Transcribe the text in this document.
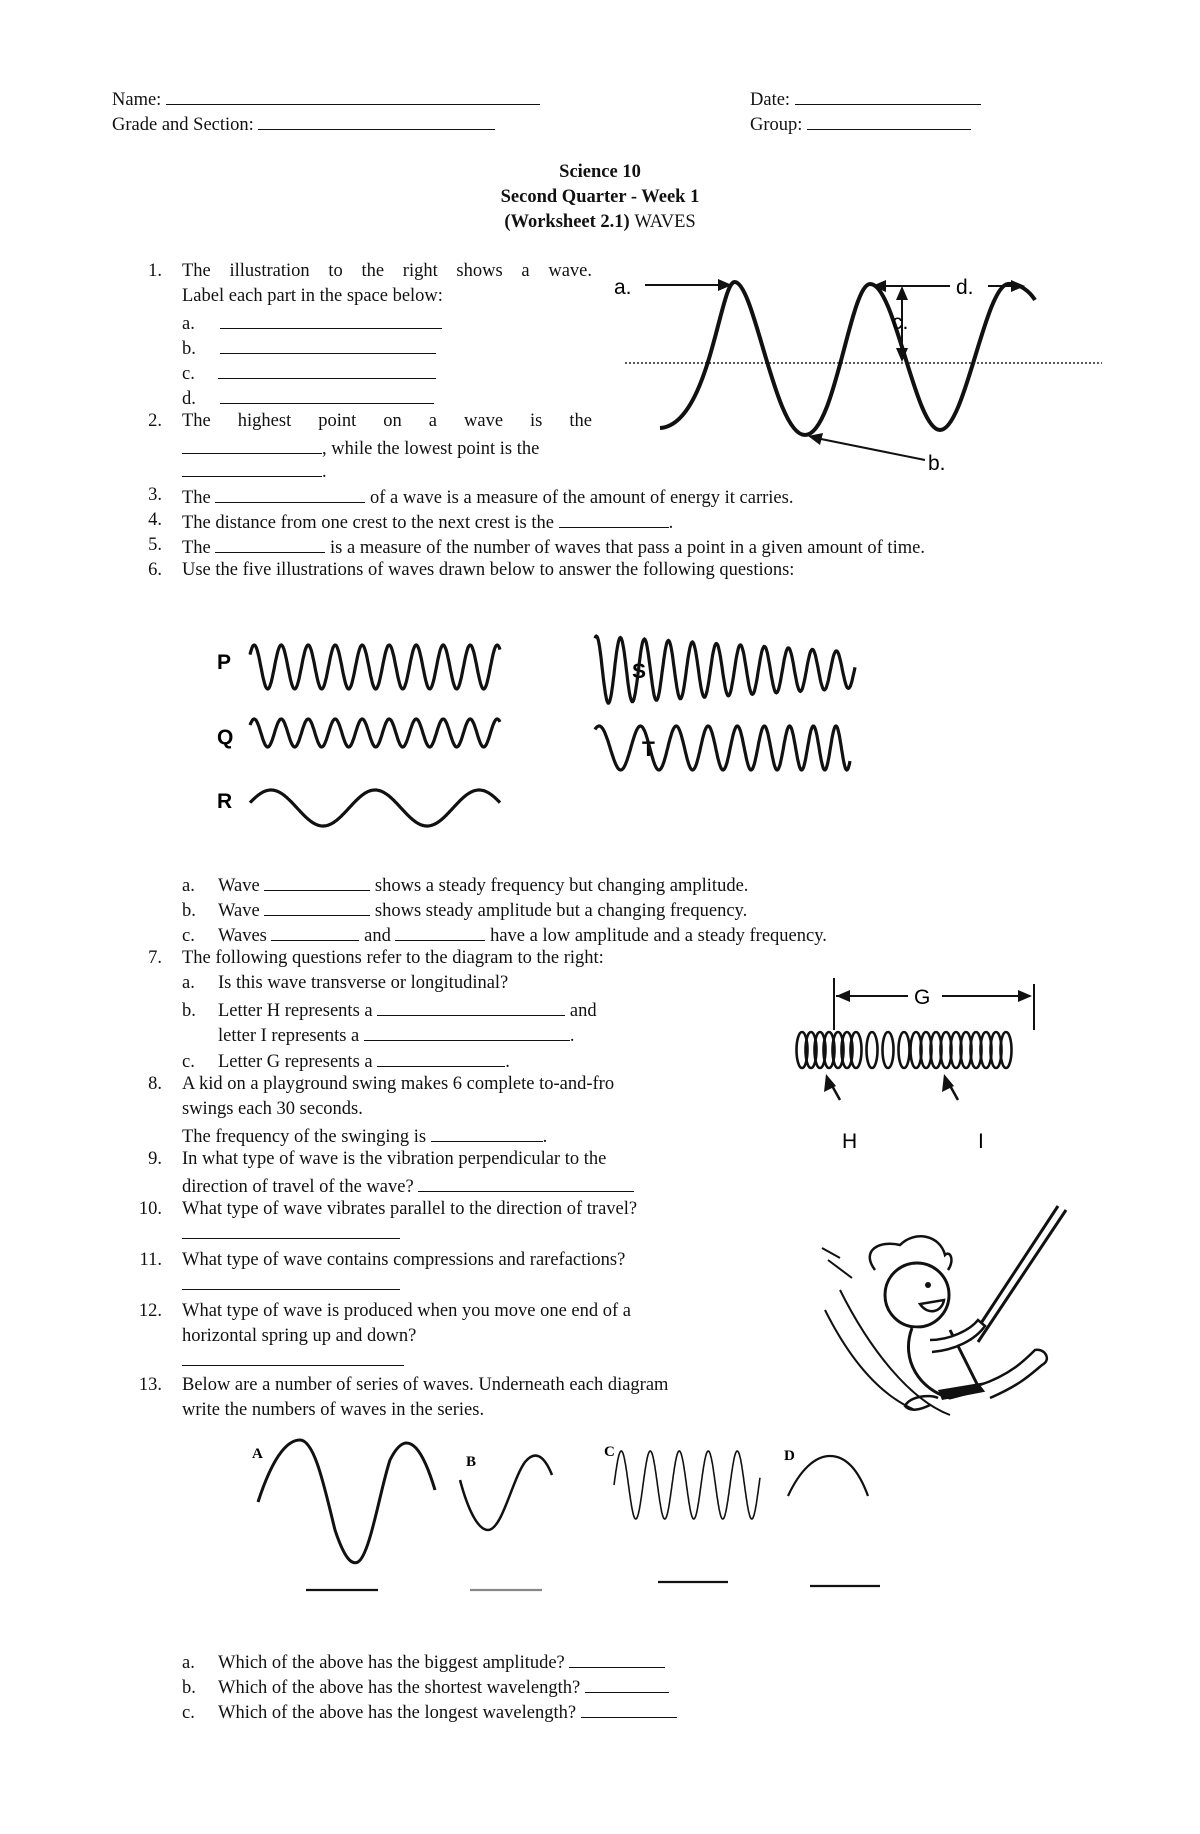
Name:
Grade and Section:
Date:
Group:
Science 10
Second Quarter - Week 1
(Worksheet 2.1) WAVES
1. The illustration to the right shows a wave.
Label each part in the space below:
a.
b.
c.
d.
a.	d.
c.
b.
2. The highest point on a wave is the
, while the lowest point is the
.
3. The	of a wave is a measure of the amount of energy it carries.
4. The distance from one crest to the next crest is the	.
5. The	is a measure of the number of waves that pass a point in a given amount of time.
6. Use the five illustrations of waves drawn below to answer the following questions:
P
Q
R
S
T
a. Wave	shows a steady frequency but changing amplitude.
b. Wave	shows steady amplitude but a changing frequency.
c. Waves	and	have a low amplitude and a steady frequency.
7. The following questions refer to the diagram to the right:
a. Is this wave transverse or longitudinal?
b. Letter H represents a	and
letter I represents a	.
c. Letter G represents a	.
G
H	I
8. A kid on a playground swing makes 6 complete to-and-fro
swings each 30 seconds.
The frequency of the swinging is	.
9. In what type of wave is the vibration perpendicular to the
direction of travel of the wave?
10. What type of wave vibrates parallel to the direction of travel?
11. What type of wave contains compressions and rarefactions?
12. What type of wave is produced when you move one end of a
horizontal spring up and down?
13. Below are a number of series of waves. Underneath each diagram
write the numbers of waves in the series.
A	B
C	D
a. Which of the above has the biggest amplitude?
b. Which of the above has the shortest wavelength?
c. Which of the above has the longest wavelength?
